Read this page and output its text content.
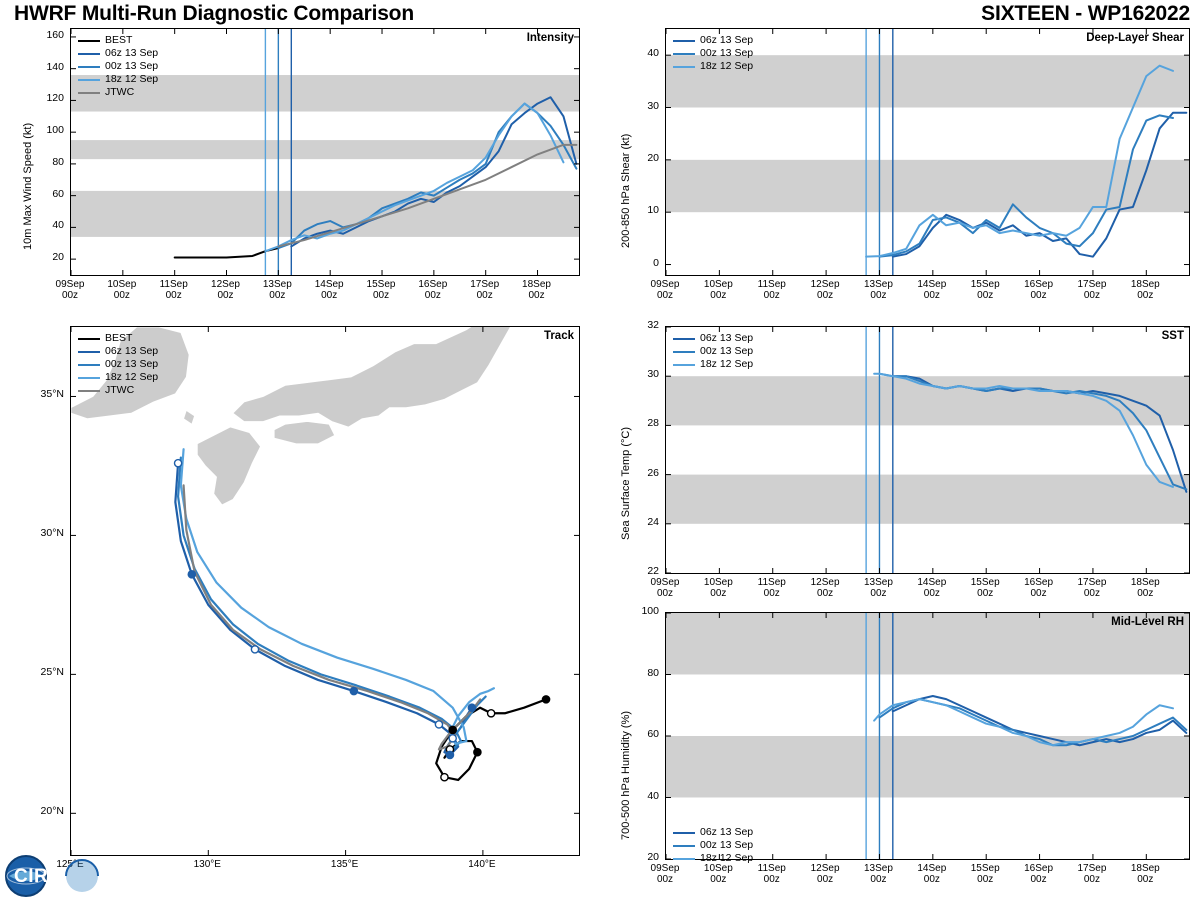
HWRF Multi-Run Diagnostic Comparison	SIXTEEN - WP162022
Intensity
20
40
60
80
100
120
140
160
09Sep
00z
10Sep
00z
11Sep
00z
12Sep
00z
13Sep
00z
14Sep
00z
15Sep
00z
16Sep
00z
17Sep
00z
18Sep
00z
10m Max Wind Speed (kt)
BEST
06z 13 Sep
00z 13 Sep
18z 12 Sep
JTWC
Track
20°N
25°N
30°N
35°N
125°E	130°E	135°E	140°E
BEST
06z 13 Sep
00z 13 Sep
18z 12 Sep
JTWC
Deep-Layer Shear
0
10
20
30
40
09Sep
00z
10Sep
00z
11Sep
00z
12Sep
00z
13Sep
00z
14Sep
00z
15Sep
00z
16Sep
00z
17Sep
00z
18Sep
00z
200-850 hPa Shear (kt)
06z 13 Sep
00z 13 Sep
18z 12 Sep
SST
22
24
26
28
30
32
09Sep
00z
10Sep
00z
11Sep
00z
12Sep
00z
13Sep
00z
14Sep
00z
15Sep
00z
16Sep
00z
17Sep
00z
18Sep
00z
Sea Surface Temp (°C)
06z 13 Sep
00z 13 Sep
18z 12 Sep
Mid-Level RH
20
40
60
80
100
09Sep
00z
10Sep
00z
11Sep
00z
12Sep
00z
13Sep
00z
14Sep
00z
15Sep
00z
16Sep
00z
17Sep
00z
18Sep
00z
700-500 hPa Humidity (%)	06z 13 Sep
00z 13 Sep
18z 12 Sep
CIRA
